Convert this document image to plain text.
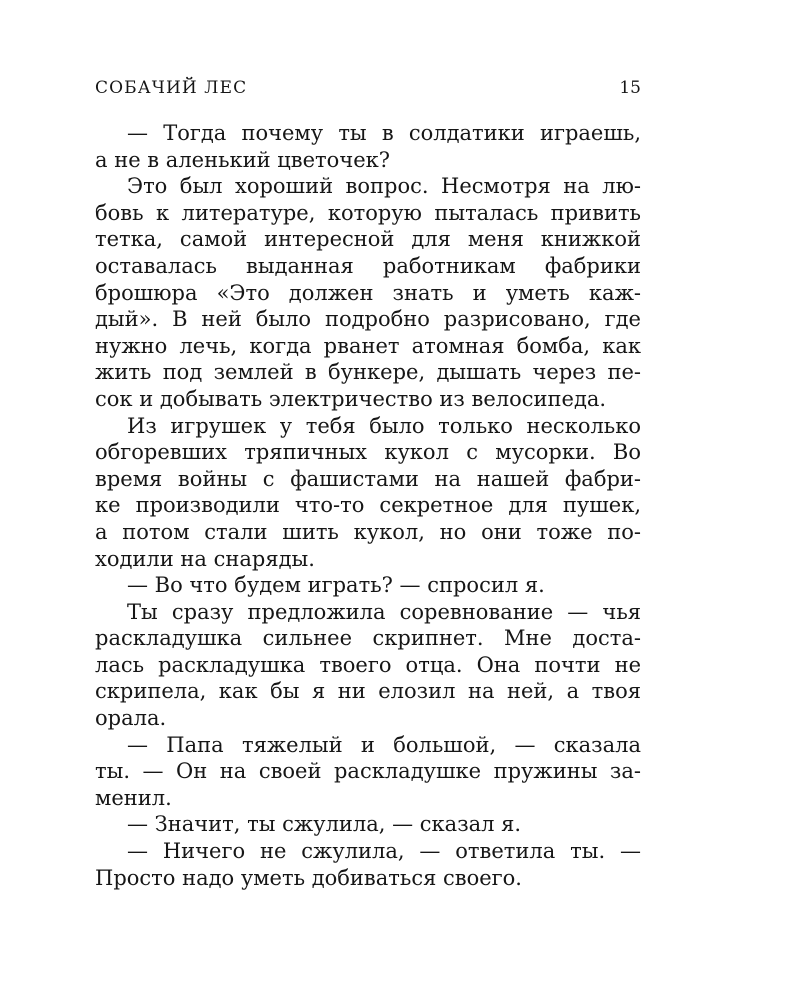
СОБАЧИЙ ЛЕС	15
— Тогда почему ты в солдатики играешь,
а не в аленький цветочек?
Это был хороший вопрос. Несмотря на лю-
бовь к литературе, которую пыталась привить
тетка, самой интересной для меня книжкой
оставалась выданная работникам фабрики
брошюра «Это должен знать и уметь каж-
дый». В ней было подробно разрисовано, где
нужно лечь, когда рванет атомная бомба, как
жить под землей в бункере, дышать через пе-
сок и добывать электричество из велосипеда.
Из игрушек у тебя было только несколько
обгоревших тряпичных кукол с мусорки. Во
время войны с фашистами на нашей фабри-
ке производили что-то секретное для пушек,
а потом стали шить кукол, но они тоже по-
ходили на снаряды.
— Во что будем играть? — спросил я.
Ты сразу предложила соревнование — чья
раскладушка сильнее скрипнет. Мне доста-
лась раскладушка твоего отца. Она почти не
скрипела, как бы я ни елозил на ней, а твоя
орала.
— Папа тяжелый и большой, — сказала
ты. — Он на своей раскладушке пружины за-
менил.
— Значит, ты сжулила, — сказал я.
— Ничего не сжулила, — ответила ты. —
Просто надо уметь добиваться своего.
